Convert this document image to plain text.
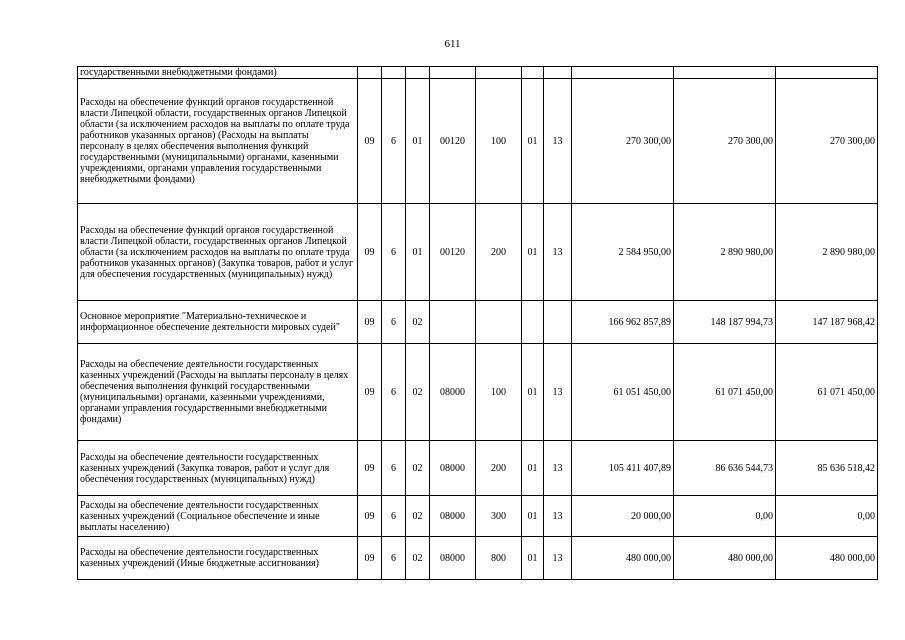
611
государственными внебюджетными фондами)										
Расходы на обеспечение функций органов государственной власти Липецкой области, государственных органов Липецкой области (за исключением расходов на выплаты по оплате труда работников указанных органов) (Расходы на выплаты персоналу в целях обеспечения выполнения функций государственными (муниципальными) органами, казенными учреждениями, органами управления государственными внебюджетными фондами)	09	6	01	00120	100	01	13	270 300,00	270 300,00	270 300,00
Расходы на обеспечение функций органов государственной власти Липецкой области, государственных органов Липецкой области (за исключением расходов на выплаты по оплате труда работников указанных органов) (Закупка товаров, работ и услуг для обеспечения государственных (муниципальных) нужд)	09	6	01	00120	200	01	13	2 584 950,00	2 890 980,00	2 890 980,00
Основное мероприятие "Материально-техническое и информационное обеспечение деятельности мировых судей"	09	6	02					166 962 857,89	148 187 994,73	147 187 968,42
Расходы на обеспечение деятельности государственных казенных учреждений (Расходы на выплаты персоналу в целях обеспечения выполнения функций государственными (муниципальными) органами, казенными учреждениями, органами управления государственными внебюджетными фондами)	09	6	02	08000	100	01	13	61 051 450,00	61 071 450,00	61 071 450,00
Расходы на обеспечение деятельности государственных казенных учреждений (Закупка товаров, работ и услуг для обеспечения государственных (муниципальных) нужд)	09	6	02	08000	200	01	13	105 411 407,89	86 636 544,73	85 636 518,42
Расходы на обеспечение деятельности государственных казенных учреждений (Социальное обеспечение и иные выплаты населению)	09	6	02	08000	300	01	13	20 000,00	0,00	0,00
Расходы на обеспечение деятельности государственных казенных учреждений (Иные бюджетные ассигнования)	09	6	02	08000	800	01	13	480 000,00	480 000,00	480 000,00
